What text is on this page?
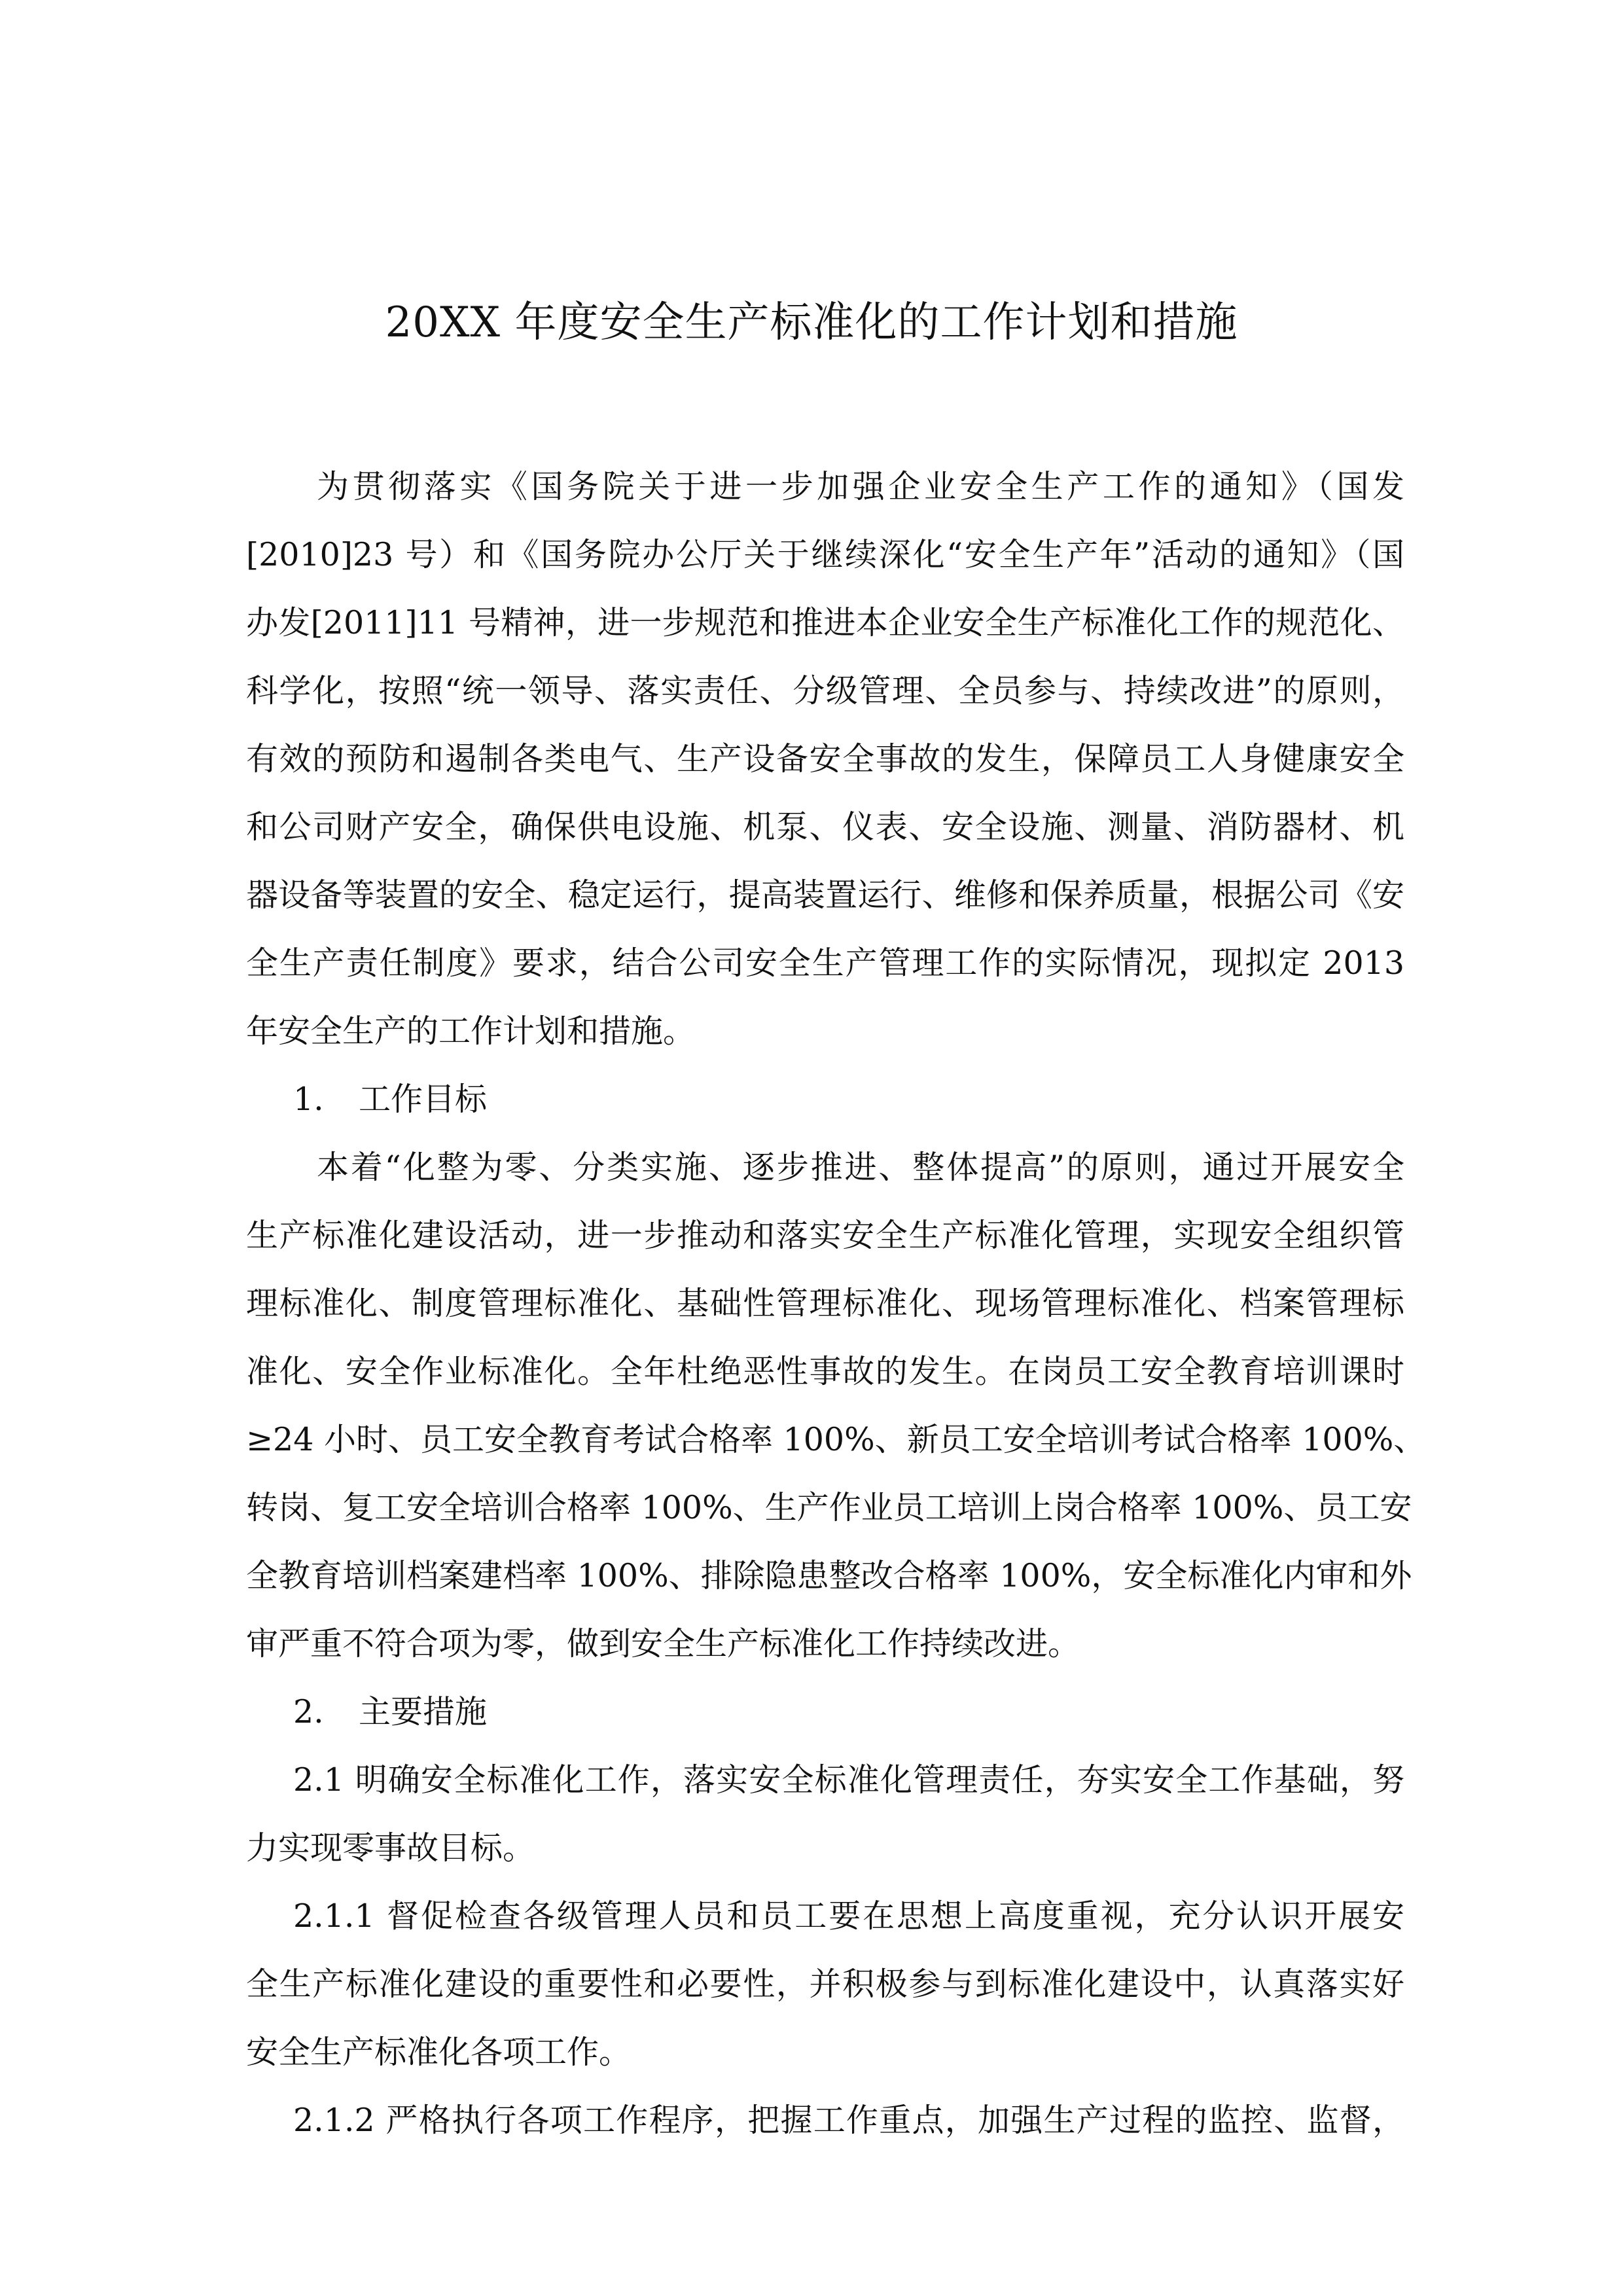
20XX 年度安全生产标准化的工作计划和措施
为贯彻落实《国务院关于进一步加强企业安全生产工作的通知》（国发
[2010]23 号）和《国务院办公厅关于继续深化“安全生产年”活动的通知》（国
办发[2011]11 号精神，进一步规范和推进本企业安全生产标准化工作的规范化、
科学化，按照“统一领导、落实责任、分级管理、全员参与、持续改进”的原则，
有效的预防和遏制各类电气、生产设备安全事故的发生，保障员工人身健康安全
和公司财产安全，确保供电设施、机泵、仪表、安全设施、测量、消防器材、机
器设备等装置的安全、稳定运行，提高装置运行、维修和保养质量，根据公司《安
全生产责任制度》要求，结合公司安全生产管理工作的实际情况，现拟定 2013
年安全生产的工作计划和措施。
1. 工作目标
本着“化整为零、分类实施、逐步推进、整体提高”的原则，通过开展安全
生产标准化建设活动，进一步推动和落实安全生产标准化管理，实现安全组织管
理标准化、制度管理标准化、基础性管理标准化、现场管理标准化、档案管理标
准化、安全作业标准化。全年杜绝恶性事故的发生。在岗员工安全教育培训课时
≥24 小时、员工安全教育考试合格率 100%、新员工安全培训考试合格率 100%、
转岗、复工安全培训合格率 100%、生产作业员工培训上岗合格率 100%、员工安
全教育培训档案建档率 100%、排除隐患整改合格率 100%，安全标准化内审和外
审严重不符合项为零，做到安全生产标准化工作持续改进。
2. 主要措施
2.1 明确安全标准化工作，落实安全标准化管理责任，夯实安全工作基础，努
力实现零事故目标。
2.1.1 督促检查各级管理人员和员工要在思想上高度重视，充分认识开展安
全生产标准化建设的重要性和必要性，并积极参与到标准化建设中，认真落实好
安全生产标准化各项工作。
2.1.2 严格执行各项工作程序，把握工作重点，加强生产过程的监控、监督，
